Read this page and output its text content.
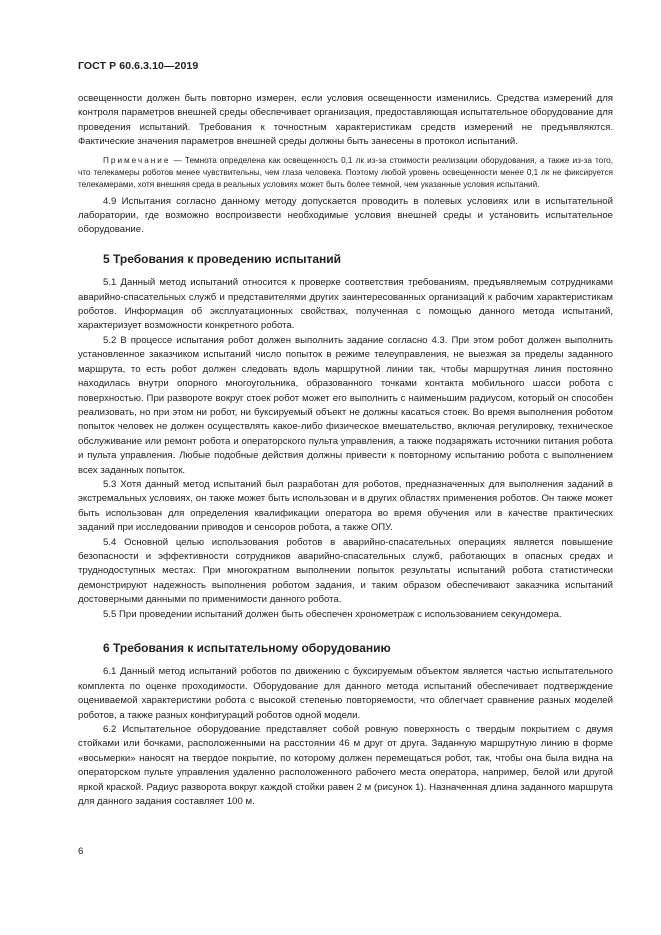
ГОСТ Р 60.6.3.10—2019

освещенности должен быть повторно измерен, если условия освещенности изменились. Средства измерений для контроля параметров внешней среды обеспечивает организация, предоставляющая испытательное оборудование для проведения испытаний. Требования к точностным характеристикам средств измерений не предъявляются. Фактические значения параметров внешней среды должны быть занесены в протокол испытаний.

Примечание — Темнота определена как освещенность 0,1 лк из-за стоимости реализации оборудования, а также из-за того, что телекамеры роботов менее чувствительны, чем глаза человека. Поэтому любой уровень освещенности менее 0,1 лк не фиксируется телекамерами, хотя внешняя среда в реальных условиях может быть более темной, чем указанные условия испытаний.

4.9 Испытания согласно данному методу допускается проводить в полевых условиях или в испытательной лаборатории, где возможно воспроизвести необходимые условия внешней среды и установить испытательное оборудование.

5 Требования к проведению испытаний

5.1 Данный метод испытаний относится к проверке соответствия требованиям, предъявляемым сотрудниками аварийно-спасательных служб и представителями других заинтересованных организаций к рабочим характеристикам роботов. Информация об эксплуатационных свойствах, полученная с помощью данного метода испытаний, характеризует возможности конкретного робота.

5.2 В процессе испытания робот должен выполнить задание согласно 4.3. При этом робот должен выполнить установленное заказчиком испытаний число попыток в режиме телеуправления, не выезжая за пределы заданного маршрута, то есть робот должен следовать вдоль маршрутной линии так, чтобы маршрутная линия постоянно находилась внутри опорного многоугольника, образованного точками контакта мобильного шасси робота с поверхностью. При развороте вокруг стоек робот может его выполнить с наименьшим радиусом, который он способен реализовать, но при этом ни робот, ни буксируемый объект не должны касаться стоек. Во время выполнения роботом попыток человек не должен осуществлять какое-либо физическое вмешательство, включая регулировку, техническое обслуживание или ремонт робота и операторского пульта управления, а также подзаряжать источники питания робота и пульта управления. Любые подобные действия должны привести к повторному испытанию робота с выполнением всех заданных попыток.

5.3 Хотя данный метод испытаний был разработан для роботов, предназначенных для выполнения заданий в экстремальных условиях, он также может быть использован и в других областях применения роботов. Он также может быть использован для определения квалификации оператора во время обучения или в качестве практических заданий при исследовании приводов и сенсоров робота, а также ОПУ.

5.4 Основной целью использования роботов в аварийно-спасательных операциях является повышение безопасности и эффективности сотрудников аварийно-спасательных служб, работающих в опасных средах и труднодоступных местах. При многократном выполнении попыток результаты испытаний робота статистически демонстрируют надежность выполнения роботом задания, и таким образом обеспечивают заказчика испытаний достоверными данными по применимости данного робота.

5.5 При проведении испытаний должен быть обеспечен хронометраж с использованием секундомера.

6 Требования к испытательному оборудованию

6.1 Данный метод испытаний роботов по движению с буксируемым объектом является частью испытательного комплекта по оценке проходимости. Оборудование для данного метода испытаний обеспечивает подтверждение оцениваемой характеристики робота с высокой степенью повторяемости, что облегчает сравнение разных моделей роботов, а также разных конфигураций роботов одной модели.

6.2 Испытательное оборудование представляет собой ровную поверхность с твердым покрытием с двумя стойками или бочками, расположенными на расстоянии 46 м друг от друга. Заданную маршрутную линию в форме «восьмерки» наносят на твердое покрытие, по которому должен перемещаться робот, так, чтобы она была видна на операторском пульте управления удаленно расположенного рабочего места оператора, например, белой или другой яркой краской. Радиус разворота вокруг каждой стойки равен 2 м (рисунок 1). Назначенная длина заданного маршрута для данного задания составляет 100 м.

6
